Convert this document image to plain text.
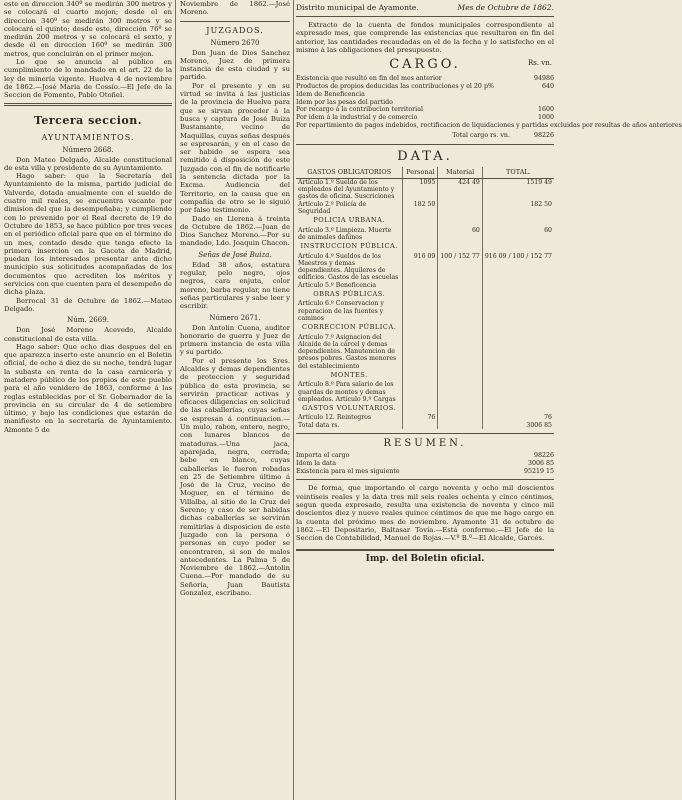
este en direccion 340º se medirán 300 metros y se colocará el cuarto mojon; desde el en direccion 340º se medirán 300 metros y se colocará el quinto; desde este, dirección 76º se medirán 200 metros y se colocará el sexto, y desde él en direccion 160º se medirán 300 metros, que concluirán en el primer mojon.

Lo que se anuncia al público en cumplimiento de lo mandado en el art. 22 de la ley de minería vigente. Huelva 4 de noviembre de 1862.—José Maria de Cossío.—El Jefe de la Seccion de Fomento, Pablo Otoñel.

Tercera seccion.
AYUNTAMIENTOS.
Número 2668.

Don Mateo Delgado, Alcalde constitucional de esta villa y presidente de su Ayuntamiento.

Hago saber: que la Secretaría del Ayuntamiento de la misma, partido judicial de Valverde, dotada anualmente con el sueldo de cuatro mil reales, se encuentra vacante por dimision del que la desempeñaba; y cumpliendo con lo prevenido por el Real decreto de 19 de Octubre de 1853, se hace público por tres veces en el periódico oficial para que en el término de un mes, contado desde que tenga efecto la primera insercion en la Gaceta de Madrid, puedan los interesados presentar ante dicho municipio sus solicitudes acompañadas de los documentos que acrediten los méritos y servicios con que cuenten para el desempeño de dicha plaza.

Berrocal 31 de Octubre de 1862.—Mateo Delgado.

Núm. 2669.

Don José Moreno Acevedo, Alcalde constitucional de esta villa.

Hago saber: Que ocho dias despues del en que aparezca inserto este anuncio en el Boletin oficial, de ocho á diez de su noche, tendrá lugar la subasta en renta de la casa carnicería y matadero público de los propios de este pueblo para el año venidero de 1863, conforme á las reglas establecidas por el Sr. Gobernador de la provincia en su circular de 4 de setiembre último, y bajo las condiciones que estarán de manifiesto en la secretaría de Ayuntamiento. Almonte 5 de

Noviembre de 1862.—José Moreno.

JUZGADOS.
Número 2670

Don Juan de Dios Sanchez Moreno, Juez de primera instancia de esta ciudad y su partido.

Por el presente y en su virtud se invita á las justicias de la provincia de Huelva para que se sirvan proceder á la busca y captura de José Buiza Bustamante, vecino de Maquillas, cuyas señas después se espresarán, y en el caso de ser habido se espera sea remitido á disposición de este Juzgado con el fin de notificarle la sentencia dictada por la Excma. Audiencia del Territorio, en la causa que en compañía de otro se le siguió por falso testimonio.

Dado en Llerena á treinta de Octubre de 1862.—Juan de Dios Sanchez Moreno.—Por su mandado, Ldo. Joaquin Chacon.

Señas de José Buiza.

Edad 38 años, estatura regular, pelo negro, ojos negros, cara enjuta, color moreno, barba regular, no tiene señas particulares y sabe leer y escribir.

Número 2671.

Don Antolin Cuena, auditor honorario de guerra y Juez de primera instancia de esta villa y su partido.

Por el presente los Sres. Alcaldes y demas dependientes de proteccion y seguridad pública de esta provincia, se servirán practicar activas y eficaces diligencias en solicitud de las caballerías, cuyas señas se espresan á continuacion.—Un mulo, rabon, entero, negro, con lunares blancos de mataduras.—Una jaca, aparejada, negra, cerrada; bebe en blanco, cuyas caballerías le fueron robadas en 25 de Setiembre último á José de la Cruz, vecino de Moguer, en el término de Villalba, al sitio de la Cruz del Sereno; y caso de ser habidas dichas caballerías se servirán remitirlas á disposicion de este Juzgado con la persona ó personas en cuyo poder se encontraren, si son de malos antecedentes. La Palma 5 de Noviembre de 1862.—Antolin Cuena.—Por mandado de su Señoría, Juan Bautista Gonzalez, escribano.

Distrito municipal de Ayamonte.	Mes de Octubre de 1862.

Extracto de la cuenta de fondos municipales correspondiente al expresado mes, que comprende las existencias que resultaron en fin del anterior, las cantidades recaudadas en el de la fecha y lo satisfecho en el mismo á las obligaciones del presupuesto.

CARGO.	Rs. vn.
Existencia que resultó en fin del mes anterior	94986
Productos de propios deducidas las contribuciones y el 20 p%	640
Idem de Beneficencia
Idem por las pesas del partido
Por recargo á la contribucion territorial	1600
Por idem á la industrial y de comercio	1000
Por repartimiento de pagos indebidos, rectificacion de liquidaciones y partidas excluidas por resultas de años anteriores
Total cargo rs. vn.	98226
DATA.
GASTOS OBLIGATORIOS	Personal	Material	TOTAL.
Artículo 1.º Sueldo de los empleados del Ayuntamiento y gastos de oficina. Suscriciones	1095	424 49	1519 49
Artículo 2.º Policía de Seguridad	182 50		182 50
POLICIA URBANA.			
Artículo 3.º Limpieza. Muerte de animales dañinos		60	60
INSTRUCCION PÚBLICA.			
Artículo 4.º Sueldos de los Maestros y demas dependientes. Alquileres de edificios. Gastos de las escuelas	916 09	100 / 152 77	916 09 / 100 / 152 77
Artículo 5.º Beneficencia			
OBRAS PÚBLICAS.			
Artículo 6.º Conservacion y reparacion de las fuentes y caminos			
CORRECCION PÚBLICA.			
Artículo 7.º Asignacion del Alcaide de la cárcel y demas dependientes. Manutencion de presos pobres. Gastos menores del establecimiento			
MONTES.			
Artículo 8.º Para salario de los guardas de montes y demas empleados. Artículo 9.º Cargas			
GASTOS VOLUNTARIOS.			
Artículo 12. Reintegros	76		76
Total data rs.			3006 85
RESUMEN.
Importa el cargo	98226
Idem la data	3006 85
Existencia para el mes siguiente	95219 15

De forma, que importando el cargo noventa y ocho mil doscientos veintiseis reales y la data tres mil seis reales ochenta y cinco céntimos, segun queda expresado, resulta una existencia de noventa y cinco mil doscientos diez y nueve reales quince céntimos de que me hago cargo en la cuenta del próximo mes de noviembre. Ayamonte 31 de octubre de 1862.—El Depositario, Baltasar Tovía.—Está conforme.—El Jefe de la Seccion de Contabilidad, Manuel de Rojas.—V.º B.º—El Alcalde, Garcés.

Imp. del Boletin oficial.
